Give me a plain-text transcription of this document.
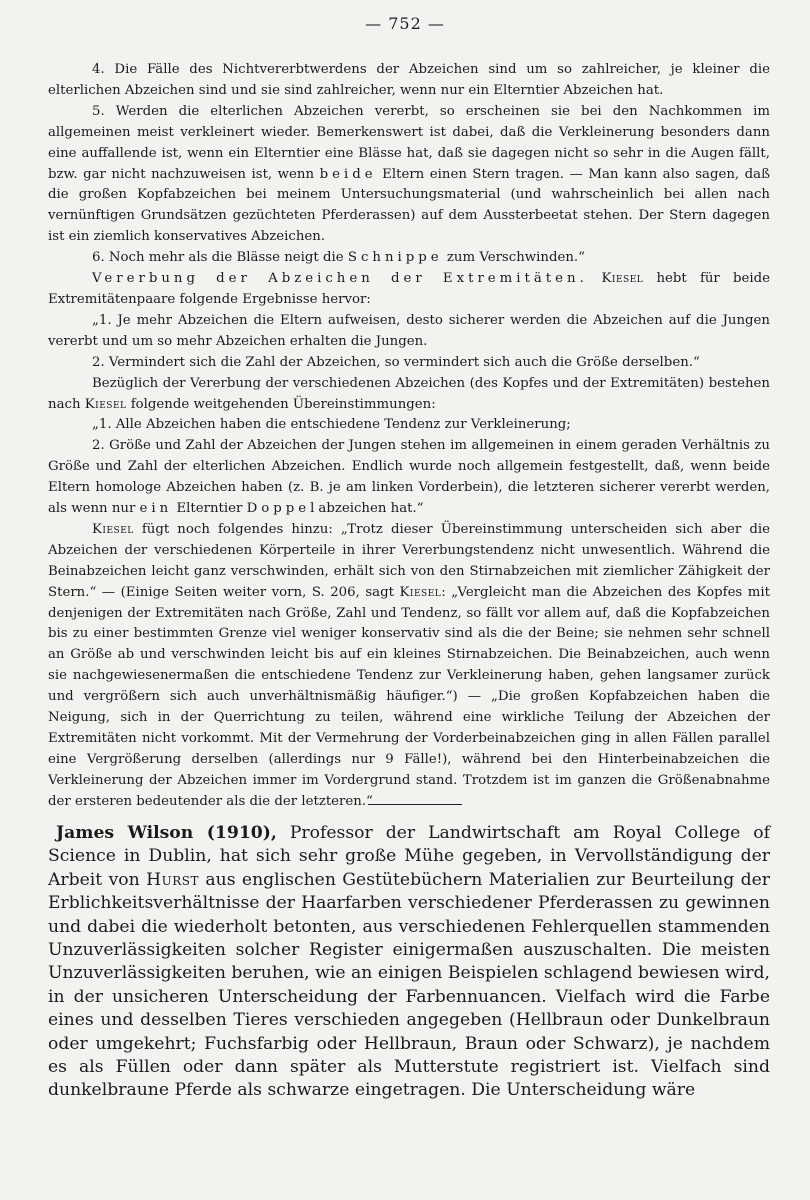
— 752 —

4. Die Fälle des Nichtvererbtwerdens der Abzeichen sind um so zahlreicher, je kleiner die elterlichen Abzeichen sind und sie sind zahlreicher, wenn nur ein Elterntier Abzeichen hat.

5. Werden die elterlichen Abzeichen vererbt, so erscheinen sie bei den Nachkommen im allgemeinen meist verkleinert wieder. Bemerkenswert ist dabei, daß die Verkleinerung besonders dann eine auffallende ist, wenn ein Elterntier eine Blässe hat, daß sie dagegen nicht so sehr in die Augen fällt, bzw. gar nicht nachzuweisen ist, wenn beide Eltern einen Stern tragen. — Man kann also sagen, daß die großen Kopfabzeichen bei meinem Untersuchungsmaterial (und wahrscheinlich bei allen nach vernünftigen Grundsätzen gezüchteten Pferderassen) auf dem Aussterbeetat stehen. Der Stern dagegen ist ein ziemlich konservatives Abzeichen.

6. Noch mehr als die Blässe neigt die Schnippe zum Verschwinden.“

Vererbung der Abzeichen der Extremitäten. Kiesel hebt für beide Extremitätenpaare folgende Ergebnisse hervor:

„1. Je mehr Abzeichen die Eltern aufweisen, desto sicherer werden die Abzeichen auf die Jungen vererbt und um so mehr Abzeichen erhalten die Jungen.

2. Vermindert sich die Zahl der Abzeichen, so vermindert sich auch die Größe derselben.“

Bezüglich der Vererbung der verschiedenen Abzeichen (des Kopfes und der Extremitäten) bestehen nach Kiesel folgende weitgehenden Übereinstimmungen:

„1. Alle Abzeichen haben die entschiedene Tendenz zur Verkleinerung;

2. Größe und Zahl der Abzeichen der Jungen stehen im allgemeinen in einem geraden Verhältnis zu Größe und Zahl der elterlichen Abzeichen. Endlich wurde noch allgemein festgestellt, daß, wenn beide Eltern homologe Abzeichen haben (z. B. je am linken Vorderbein), die letzteren sicherer vererbt werden, als wenn nur ein Elterntier Doppelabzeichen hat.“

Kiesel fügt noch folgendes hinzu: „Trotz dieser Übereinstimmung unterscheiden sich aber die Abzeichen der verschiedenen Körperteile in ihrer Vererbungstendenz nicht unwesentlich. Während die Beinabzeichen leicht ganz verschwinden, erhält sich von den Stirnabzeichen mit ziemlicher Zähigkeit der Stern.“ — (Einige Seiten weiter vorn, S. 206, sagt Kiesel: „Vergleicht man die Abzeichen des Kopfes mit denjenigen der Extremitäten nach Größe, Zahl und Tendenz, so fällt vor allem auf, daß die Kopfabzeichen bis zu einer bestimmten Grenze viel weniger konservativ sind als die der Beine; sie nehmen sehr schnell an Größe ab und verschwinden leicht bis auf ein kleines Stirnabzeichen. Die Beinabzeichen, auch wenn sie nachgewiesenermaßen die entschiedene Tendenz zur Verkleinerung haben, gehen langsamer zurück und vergrößern sich auch unverhältnismäßig häufiger.“) — „Die großen Kopfabzeichen haben die Neigung, sich in der Querrichtung zu teilen, während eine wirkliche Teilung der Abzeichen der Extremitäten nicht vorkommt. Mit der Vermehrung der Vorderbeinabzeichen ging in allen Fällen parallel eine Vergrößerung derselben (allerdings nur 9 Fälle!), während bei den Hinterbeinabzeichen die Verkleinerung der Abzeichen immer im Vordergrund stand. Trotzdem ist im ganzen die Größenabnahme der ersteren bedeutender als die der letzteren.“

James Wilson (1910), Professor der Landwirtschaft am Royal College of Science in Dublin, hat sich sehr große Mühe gegeben, in Vervollständigung der Arbeit von Hurst aus englischen Gestütebüchern Materialien zur Beurteilung der Erblichkeitsverhältnisse der Haarfarben verschiedener Pferderassen zu gewinnen und dabei die wiederholt betonten, aus verschiedenen Fehlerquellen stammenden Unzuverlässigkeiten solcher Register einigermaßen auszuschalten. Die meisten Unzuverlässigkeiten beruhen, wie an einigen Beispielen schlagend bewiesen wird, in der unsicheren Unterscheidung der Farbennuancen. Vielfach wird die Farbe eines und desselben Tieres verschieden angegeben (Hellbraun oder Dunkelbraun oder umgekehrt; Fuchsfarbig oder Hellbraun, Braun oder Schwarz), je nachdem es als Füllen oder dann später als Mutterstute registriert ist. Vielfach sind dunkelbraune Pferde als schwarze eingetragen. Die Unterscheidung wäre
